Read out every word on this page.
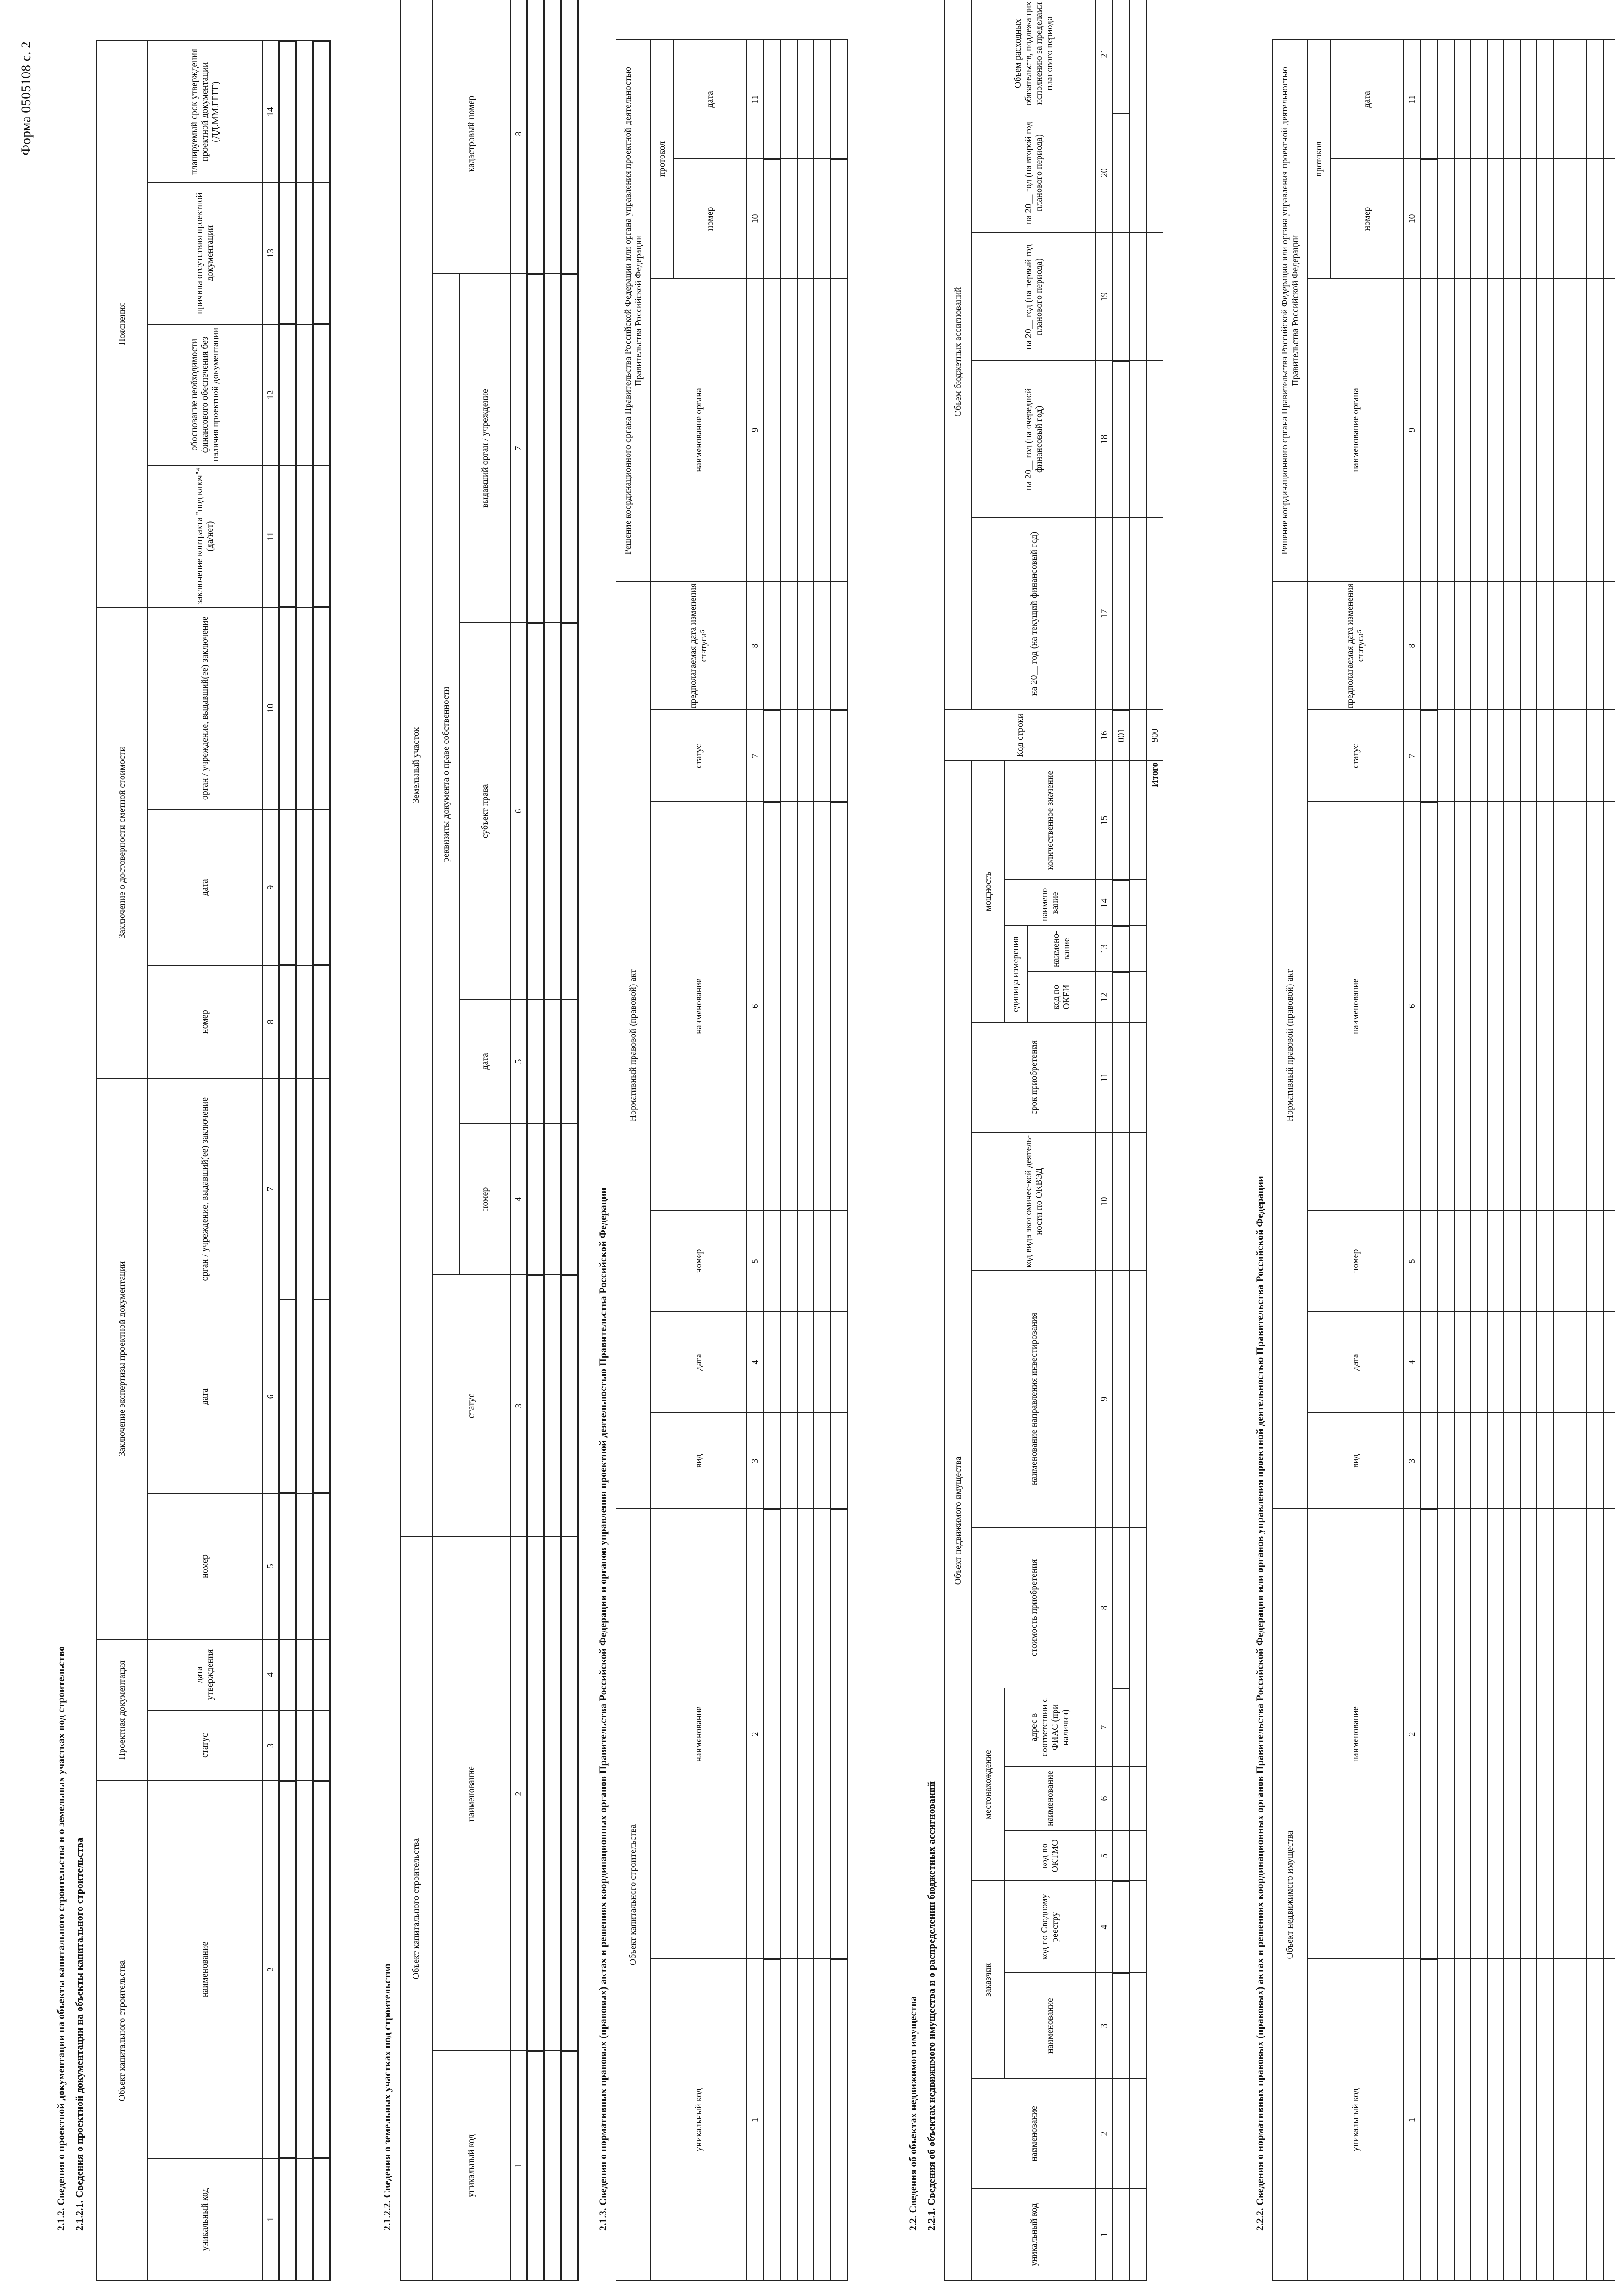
Форма 0505108 с. 2
2.1.2. Сведения о проектной документации на объекты капитального строительства и о земельных участках под строительство 2.1.2.1. Сведения о проектной документации на объекты капитального строительства	Объект капитального строительства		Проектная документация		Заключение экспертизы проектной документации			Заключение о достоверности сметной стоимости			Пояснения			
уникальный код	наименование	статус	дата утверждения	номер	дата	орган / учреждение, выдавший(ее) заключение	номер	дата	орган / учреждение, выдавший(ее) заключение	заключение контракта "под ключ"⁴ (да/нет)	обоснование необходимости финансового обеспечения без наличия проектной документации	причина отсутствия проектной документации	планируемый срок утверждения проектной документации (ДД.ММ.ГГГГ)
1	2	3	4	5	6	7	8	9	10	11	12	13	14

2.1.2.2. Сведения о земельных участках под строительство
Объект капитального строительства		Земельный участок	
уникальный код	наименование	статус	реквизиты документа о праве собственности				кадастровый номер	
			номер	дата	субъект права	выдавший орган / учреждение		
1	2	3	4	5	6	7	8	

2.1.3. Сведения о нормативных правовых (правовых) актах и решениях координационных органов Правительства Российской Федерации и органов управления проектной деятельностью Правительства Российской Федерации Объект капитального строительства		Нормативный правовой (правовой) акт						Решение координационного органа Правительства Российской Федерации или органа управления проектной деятельностью Правительства Российской Федерации		
уникальный код	наименование	вид	дата	номер	наименование	статус	предполагаемая дата изменения статуса⁵	наименование органа	протокол	
									номер	дата
1	2	3	4	5	6	7	8	9	10	11

2.2. Сведения об объектах недвижимого имущества 2.2.1. Сведения об объектах недвижимого имущества и о распределении бюджетных ассигнований
Объект недвижимого имущества															Код строки	Объем бюджетных ассигнований				
уникальный код	наименование	заказчик		местонахождение			стоимость приобретения	наименование направления инвестирования	код вида экономичес-кой деятель-ности по ОКВЭД	срок приобретения	мощность					на 20__ год (на текущий финансовый год)	на 20__ год (на очередной финансовый год)	на 20__ год (на первый год планового периода)	на 20__ год (на второй год планового периода)	Объем расходных обязательств, подлежащих исполнению за пределами планового периода
		наименование	код по Сводному реестру	код по ОКТМО	наименование	адрес в соответствии с ФИАС (при наличии)					единица измерения		наимено-вание	количественное значение						
											код по ОКЕИ	наимено-вание								
1	2	3	4	5	6	7	8	9	10	11	12	13	14	15	16	17	18	19	20	21
															001					

Итого															900					
2.2.2. Сведения о нормативных правовых (правовых) актах и решениях координационных органов Правительства Российской Федерации или органов управления проектной деятельностью Правительства Российской Федерации Объект недвижимого имущества		Нормативный правовой (правовой) акт						Решение координационного органа Правительства Российской Федерации или органа управления проектной деятельностью Правительства Российской Федерации		
уникальный код	наименование	вид	дата	номер	наименование	статус	предполагаемая дата изменения статуса⁵	наименование органа	протокол	
									номер	дата
1	2	3	4	5	6	7	8	9	10	11
